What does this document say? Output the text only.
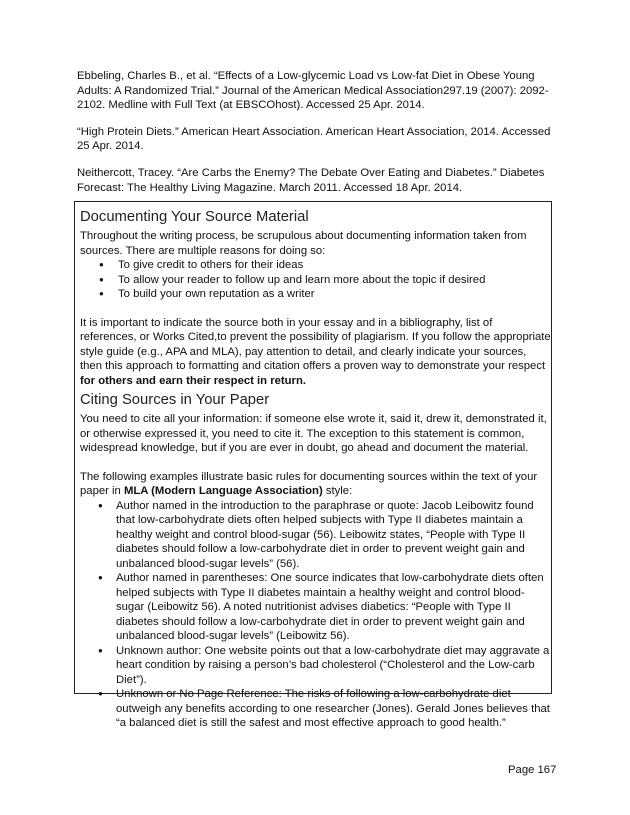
Ebbeling, Charles B., et al. “Effects of a Low-glycemic Load vs Low-fat Diet in Obese Young Adults: A Randomized Trial.” Journal of the American Medical Association297.19 (2007): 2092-2102. Medline with Full Text (at EBSCOhost). Accessed 25 Apr. 2014.

“High Protein Diets.” American Heart Association. American Heart Association, 2014. Accessed 25 Apr. 2014.

Neithercott, Tracey. “Are Carbs the Enemy? The Debate Over Eating and Diabetes.” Diabetes Forecast: The Healthy Living Magazine. March 2011. Accessed 18 Apr. 2014.

Documenting Your Source Material

Throughout the writing process, be scrupulous about documenting information taken from sources. There are multiple reasons for doing so:

● To give credit to others for their ideas
● To allow your reader to follow up and learn more about the topic if desired
● To build your own reputation as a writer

It is important to indicate the source both in your essay and in a bibliography, list of references, or Works Cited,to prevent the possibility of plagiarism. If you follow the appropriate style guide (e.g., APA and MLA), pay attention to detail, and clearly indicate your sources, then this approach to formatting and citation offers a proven way to demonstrate your respect for others and earn their respect in return.

Citing Sources in Your Paper

You need to cite all your information: if someone else wrote it, said it, drew it, demonstrated it, or otherwise expressed it, you need to cite it. The exception to this statement is common, widespread knowledge, but if you are ever in doubt, go ahead and document the material.

The following examples illustrate basic rules for documenting sources within the text of your paper in MLA (Modern Language Association) style:

● Author named in the introduction to the paraphrase or quote: Jacob Leibowitz found that low-carbohydrate diets often helped subjects with Type II diabetes maintain a healthy weight and control blood-sugar (56). Leibowitz states, “People with Type II diabetes should follow a low-carbohydrate diet in order to prevent weight gain and unbalanced blood-sugar levels” (56).
● Author named in parentheses: One source indicates that low-carbohydrate diets often helped subjects with Type II diabetes maintain a healthy weight and control blood-sugar (Leibowitz 56). A noted nutritionist advises diabetics: “People with Type II diabetes should follow a low-carbohydrate diet in order to prevent weight gain and unbalanced blood-sugar levels” (Leibowitz 56).
● Unknown author: One website points out that a low-carbohydrate diet may aggravate a heart condition by raising a person’s bad cholesterol (“Cholesterol and the Low-carb Diet”).
● Unknown or No Page Reference: The risks of following a low-carbohydrate diet outweigh any benefits according to one researcher (Jones). Gerald Jones believes that “a balanced diet is still the safest and most effective approach to good health.”
Page 167
